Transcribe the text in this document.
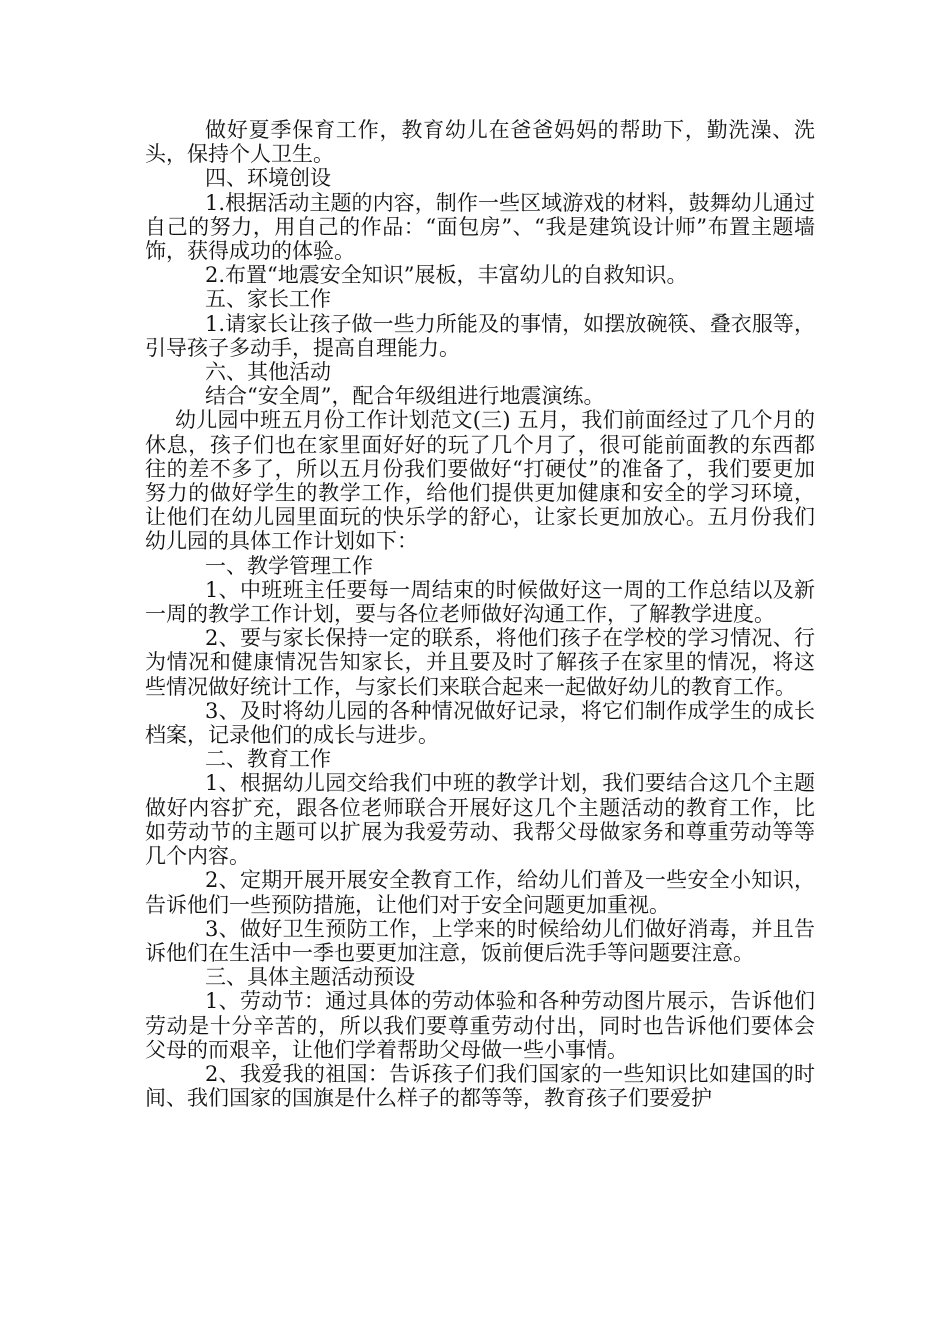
做好夏季保育工作，教育幼儿在爸爸妈妈的帮助下，勤洗澡、洗头，保持个人卫生。

四、环境创设

1.根据活动主题的内容，制作一些区域游戏的材料，鼓舞幼儿通过自己的努力，用自己的作品：“面包房”、“我是建筑设计师”布置主题墙饰，获得成功的体验。

2.布置“地震安全知识”展板，丰富幼儿的自救知识。

五、家长工作

1.请家长让孩子做一些力所能及的事情，如摆放碗筷、叠衣服等，引导孩子多动手，提高自理能力。

六、其他活动

结合“安全周”，配合年级组进行地震演练。

幼儿园中班五月份工作计划范文(三) 五月，我们前面经过了几个月的休息，孩子们也在家里面好好的玩了几个月了，很可能前面教的东西都往的差不多了，所以五月份我们要做好“打硬仗”的准备了，我们要更加努力的做好学生的教学工作，给他们提供更加健康和安全的学习环境，让他们在幼儿园里面玩的快乐学的舒心，让家长更加放心。五月份我们幼儿园的具体工作计划如下：

一、教学管理工作

1、中班班主任要每一周结束的时候做好这一周的工作总结以及新一周的教学工作计划，要与各位老师做好沟通工作，了解教学进度。

2、要与家长保持一定的联系，将他们孩子在学校的学习情况、行为情况和健康情况告知家长，并且要及时了解孩子在家里的情况，将这些情况做好统计工作，与家长们来联合起来一起做好幼儿的教育工作。

3、及时将幼儿园的各种情况做好记录，将它们制作成学生的成长档案，记录他们的成长与进步。

二、教育工作

1、根据幼儿园交给我们中班的教学计划，我们要结合这几个主题做好内容扩充，跟各位老师联合开展好这几个主题活动的教育工作，比如劳动节的主题可以扩展为我爱劳动、我帮父母做家务和尊重劳动等等几个内容。

2、定期开展开展安全教育工作，给幼儿们普及一些安全小知识，告诉他们一些预防措施，让他们对于安全问题更加重视。

3、做好卫生预防工作，上学来的时候给幼儿们做好消毒，并且告诉他们在生活中一季也要更加注意，饭前便后洗手等问题要注意。

三、具体主题活动预设

1、劳动节：通过具体的劳动体验和各种劳动图片展示，告诉他们劳动是十分辛苦的，所以我们要尊重劳动付出，同时也告诉他们要体会父母的而艰辛，让他们学着帮助父母做一些小事情。

2、我爱我的祖国：告诉孩子们我们国家的一些知识比如建国的时间、我们国家的国旗是什么样子的都等等，教育孩子们要爱护
